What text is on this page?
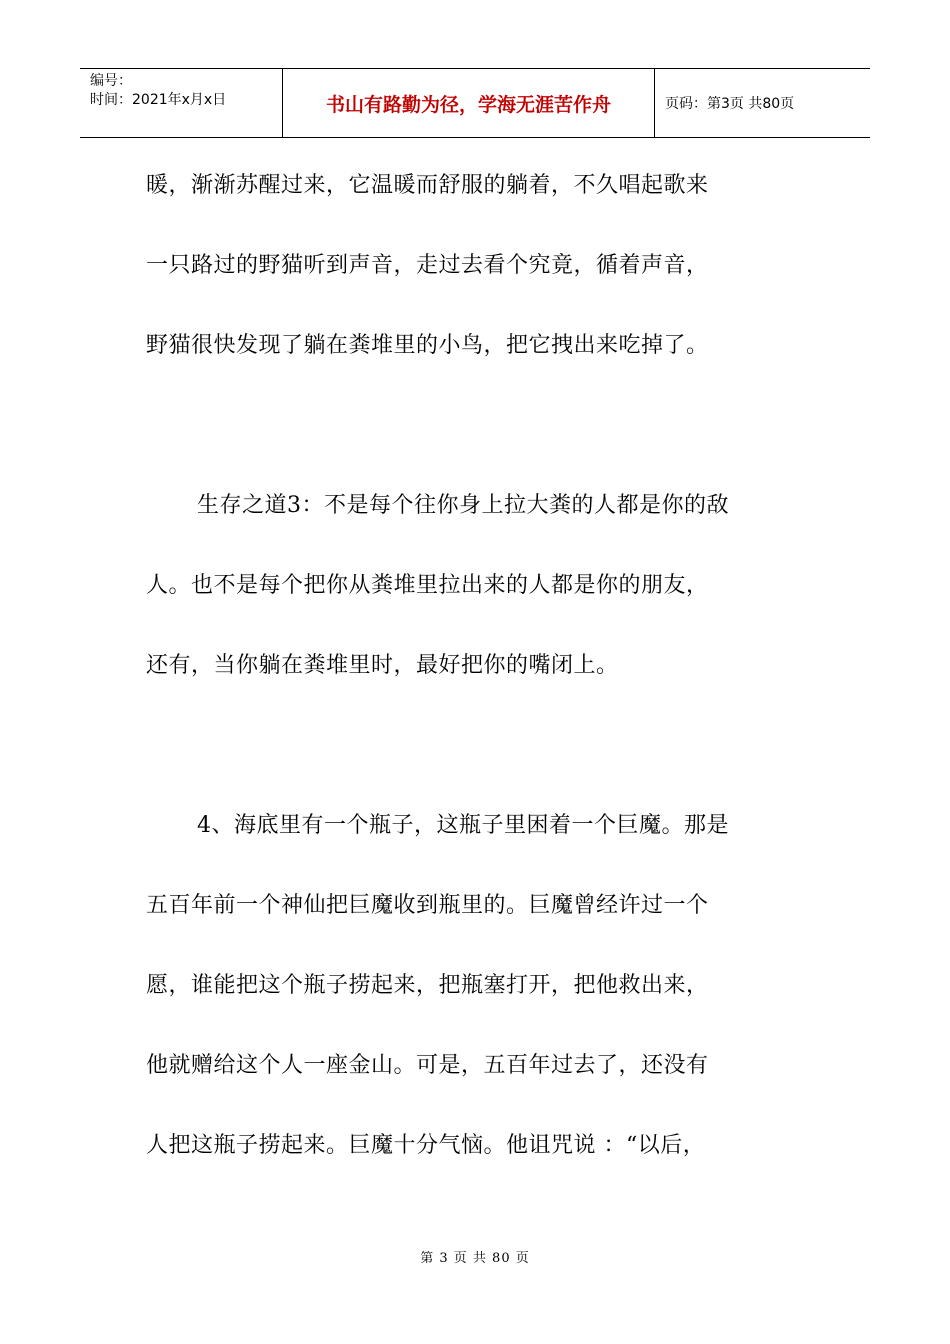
编号：
时间：2021年x月x日	书山有路勤为径，学海无涯苦作舟	页码：第3页 共80页
暖，渐渐苏醒过来，它温暖而舒服的躺着，不久唱起歌来
一只路过的野猫听到声音，走过去看个究竟，循着声音，
野猫很快发现了躺在粪堆里的小鸟，把它拽出来吃掉了。
生存之道3：不是每个往你身上拉大粪的人都是你的敌
人。也不是每个把你从粪堆里拉出来的人都是你的朋友，
还有，当你躺在粪堆里时，最好把你的嘴闭上。
4、海底里有一个瓶子，这瓶子里困着一个巨魔。那是
五百年前一个神仙把巨魔收到瓶里的。巨魔曾经许过一个
愿，谁能把这个瓶子捞起来，把瓶塞打开，把他救出来，
他就赠给这个人一座金山。可是，五百年过去了，还没有
人把这瓶子捞起来。巨魔十分气恼。他诅咒说 ：“以后，
第 3 页 共 80 页
